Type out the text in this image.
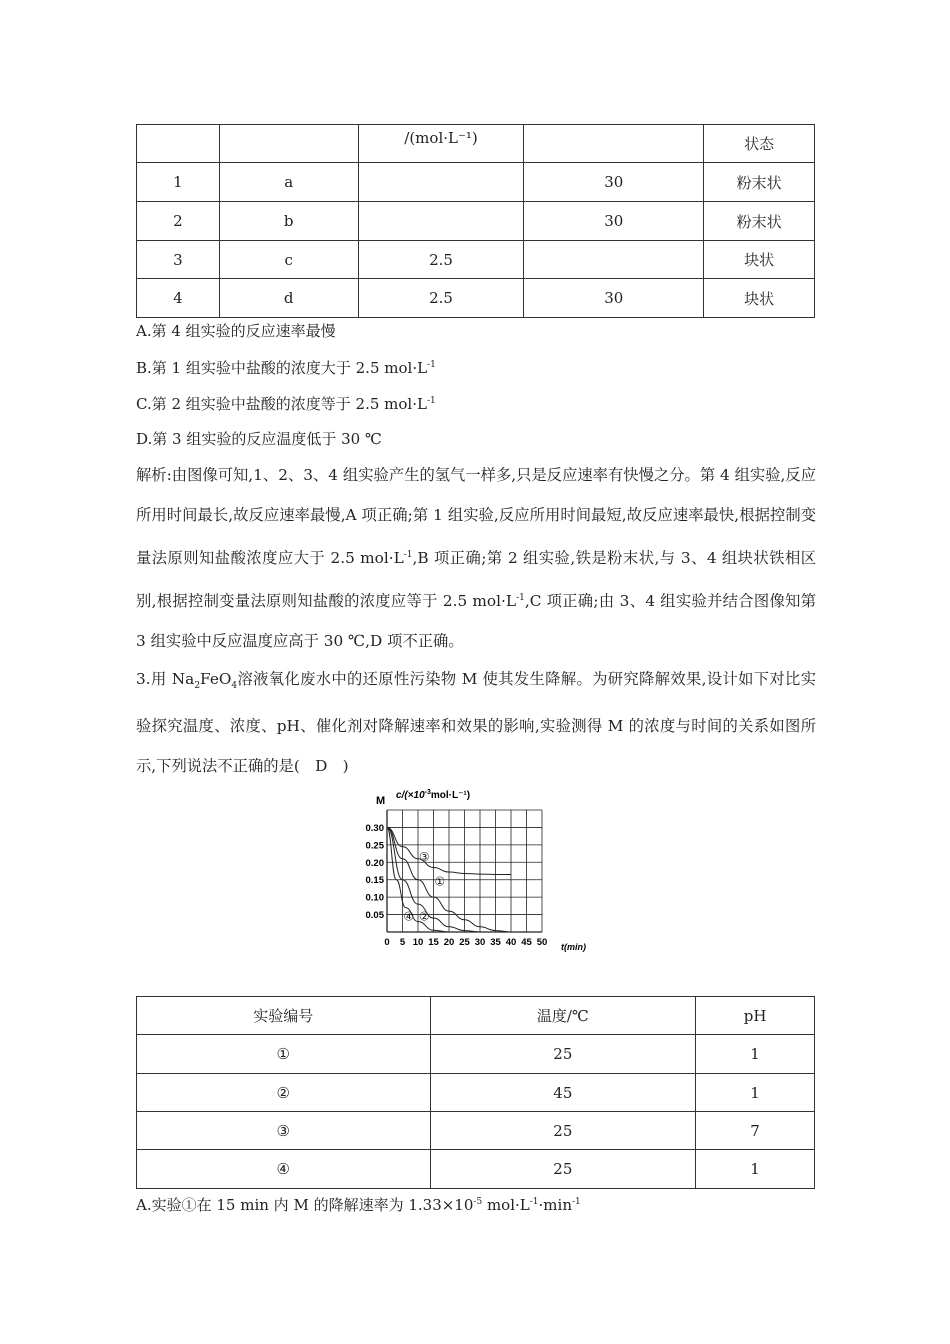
		/(mol·L⁻¹)		状态
1	a		30	粉末状
2	b		30	粉末状
3	c	2.5		块状
4	d	2.5	30	块状
A.第 4 组实验的反应速率最慢
B.第 1 组实验中盐酸的浓度大于 2.5 $mol\cdot L^{-1}$
C.第 2 组实验中盐酸的浓度等于 2.5 $mol\cdot L^{-1}$
D.第 3 组实验的反应温度低于 30 ℃
解析:由图像可知,1、2、3、4 组实验产生的氢气一样多,只是反应速率有快慢之分。第 4 组实验,反应所用时间最长,故反应速率最慢,A 项正确;第 1 组实验,反应所用时间最短,故反应速率最快,根据控制变量法原则知盐酸浓度应大于 2.5 $mol\cdot L^{-1},B$ 项正确;第 2 组实验,铁是粉末状,与 3、4 组块状铁相区别,根据控制变量法原则知盐酸的浓度应等于 2.5 $mol\cdot L^{-1},C$ 项正确;由 3、4 组实验并结合图像知第 3 组实验中反应温度应高于 30 ℃,D 项不正确。
3.用 $Na_2FeO_4$溶液氧化废水中的还原性污染物 M 使其发生降解。为研究降解效果,设计如下对比实验探究温度、浓度、pH、催化剂对降解速率和效果的影响,实验测得 M 的浓度与时间的关系如图所示,下列说法不正确的是(　D　)
M $c/(\times 10^{-3}mol\cdot L^{-1})$
t(min)
0 5 10 15 20 25 30 35 40 45 50
0.30
0.25
0.20
0.15
0.10
0.05
③
①
④ ②
实验编号	温度/℃	pH
①	25	1
②	45	1
③	25	7
④	25	1
A.实验①在 15 min 内 M 的降解速率为 $1.33\times 10^{-5}$ $mol\cdot L^{-1}\cdot\min^{-1}$
